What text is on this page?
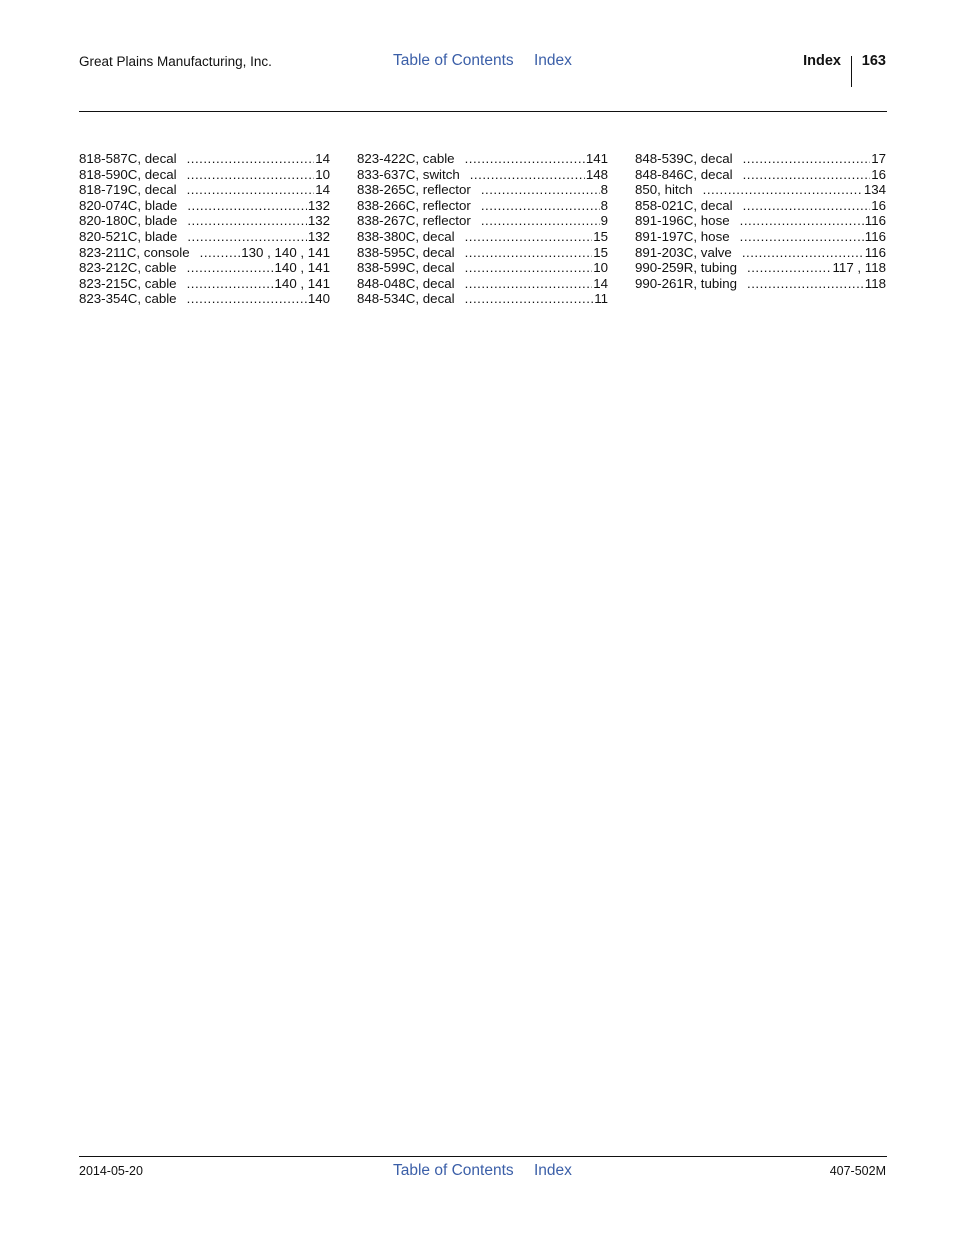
Great Plains Manufacturing, Inc.	Table of Contents Index	Index 163
818-587C, decal .....	14
818-590C, decal .....	10
818-719C, decal .....	14
820-074C, blade .....	132
820-180C, blade .....	132
820-521C, blade .....	132
823-211C, console .....	130 , 140 , 141
823-212C, cable .....	140 , 141
823-215C, cable .....	140 , 141
823-354C, cable .....	140
823-422C, cable .....	141
833-637C, switch .....	148
838-265C, reflector .....	8
838-266C, reflector .....	8
838-267C, reflector .....	9
838-380C, decal .....	15
838-595C, decal .....	15
838-599C, decal .....	10
848-048C, decal .....	14
848-534C, decal .....	11
848-539C, decal .....	17
848-846C, decal .....	16
850, hitch .....	134
858-021C, decal .....	16
891-196C, hose .....	116
891-197C, hose .....	116
891-203C, valve .....	116
990-259R, tubing .....	117 , 118
990-261R, tubing .....	118
2014-05-20	Table of Contents Index	407-502M
